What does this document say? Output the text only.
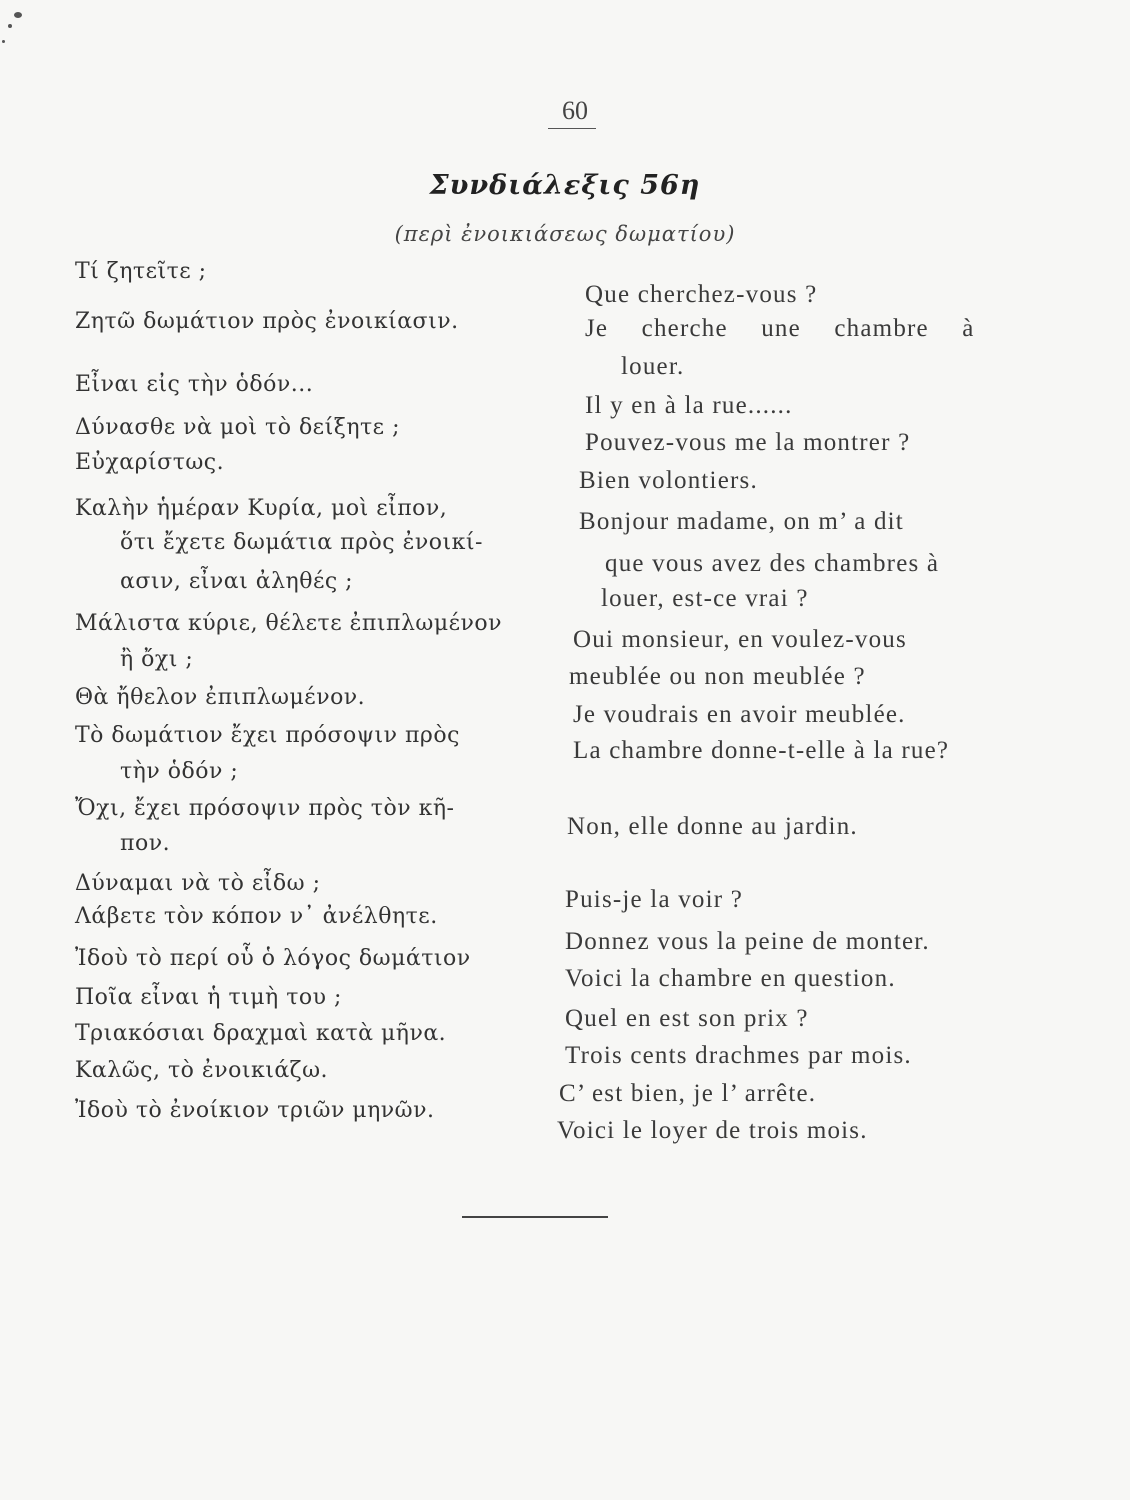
60
Συνδιάλεξις 56η
(περὶ ἐνοικιάσεως δωματίου)
Τί ζητεῖτε ;
Ζητῶ δωμάτιον πρὸς ἐνοικίασιν.
Εἶναι εἰς τὴν ὁδόν...
Δύνασθε νὰ μοὶ τὸ δείξητε ;
Εὐχαρίστως.
Καλὴν ἡμέραν Κυρία, μοὶ εἶπον,
ὅτι ἔχετε δωμάτια πρὸς ἐνοικί-
ασιν, εἶναι ἀληθές ;
Μάλιστα κύριε, θέλετε ἐπιπλωμένον
ἢ ὄχι ;
Θὰ ἤθελον ἐπιπλωμένον.
Τὸ δωμάτιον ἔχει πρόσοψιν πρὸς
τὴν ὁδόν ;
Ὄχι, ἔχει πρόσοψιν πρὸς τὸν κῆ-
πον.
Δύναμαι νὰ τὸ εἶδω ;
Λάβετε τὸν κόπον ν᾽ ἀνέλθητε.
Ἰδοὺ τὸ περί οὗ ὁ λόγος δωμάτιον
Ποῖα εἶναι ἡ τιμὴ του ;
Τριακόσιαι δραχμαὶ κατὰ μῆνα.
Καλῶς, τὸ ἐνοικιάζω.
Ἰδοὺ τὸ ἐνοίκιον τριῶν μηνῶν.
Que cherchez-vous ?
Je cherche une chambre à
louer.
Il y en à la rue......
Pouvez-vous me la montrer ?
Bien volontiers.
Bonjour madame, on m’ a dit
que vous avez des chambres à
louer, est-ce vrai ?
Oui monsieur, en voulez-vous
meublée ou non meublée ?
Je voudrais en avoir meublée.
La chambre donne-t-elle à la rue?
Non, elle donne au jardin.
Puis-je la voir ?
Donnez vous la peine de monter.
Voici la chambre en question.
Quel en est son prix ?
Trois cents drachmes par mois.
C’ est bien, je l’ arrête.
Voici le loyer de trois mois.
